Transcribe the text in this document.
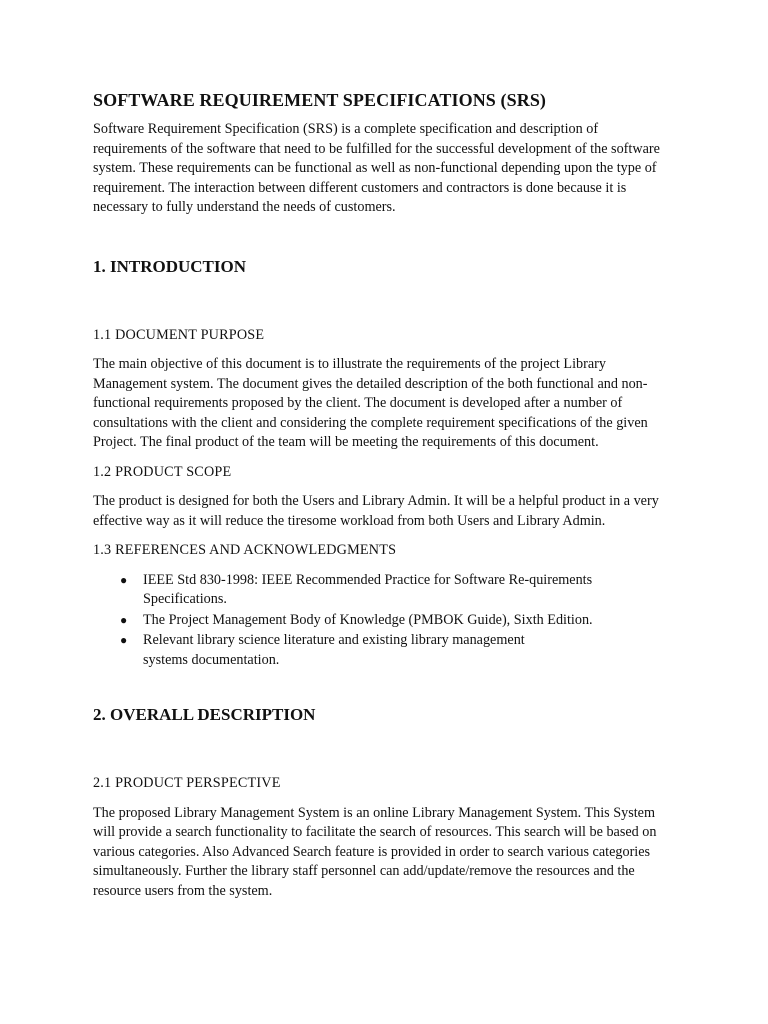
SOFTWARE REQUIREMENT SPECIFICATIONS (SRS)

Software Requirement Specification (SRS) is a complete specification and description of requirements of the software that need to be fulfilled for the successful development of the software system. These requirements can be functional as well as non-functional depending upon the type of requirement. The interaction between different customers and contractors is done because it is necessary to fully understand the needs of customers.

1. INTRODUCTION
1.1 DOCUMENT PURPOSE

The main objective of this document is to illustrate the requirements of the project Library Management system. The document gives the detailed description of the both functional and non-functional requirements proposed by the client. The document is developed after a number of consultations with the client and considering the complete requirement specifications of the given Project. The final product of the team will be meeting the requirements of this document.

1.2 PRODUCT SCOPE

The product is designed for both the Users and Library Admin. It will be a helpful product in a very effective way as it will reduce the tiresome workload from both Users and Library Admin.

1.3 REFERENCES AND ACKNOWLEDGMENTS
● IEEE Std 830-1998: IEEE Recommended Practice for Software Re-quirements Specifications.
● The Project Management Body of Knowledge (PMBOK Guide), Sixth Edition.
● Relevant library science literature and existing library management systems documentation.
2. OVERALL DESCRIPTION
2.1 PRODUCT PERSPECTIVE

The proposed Library Management System is an online Library Management System. This System will provide a search functionality to facilitate the search of resources. This search will be based on various categories. Also Advanced Search feature is provided in order to search various categories simultaneously. Further the library staff personnel can add/update/remove the resources and the resource users from the system.
